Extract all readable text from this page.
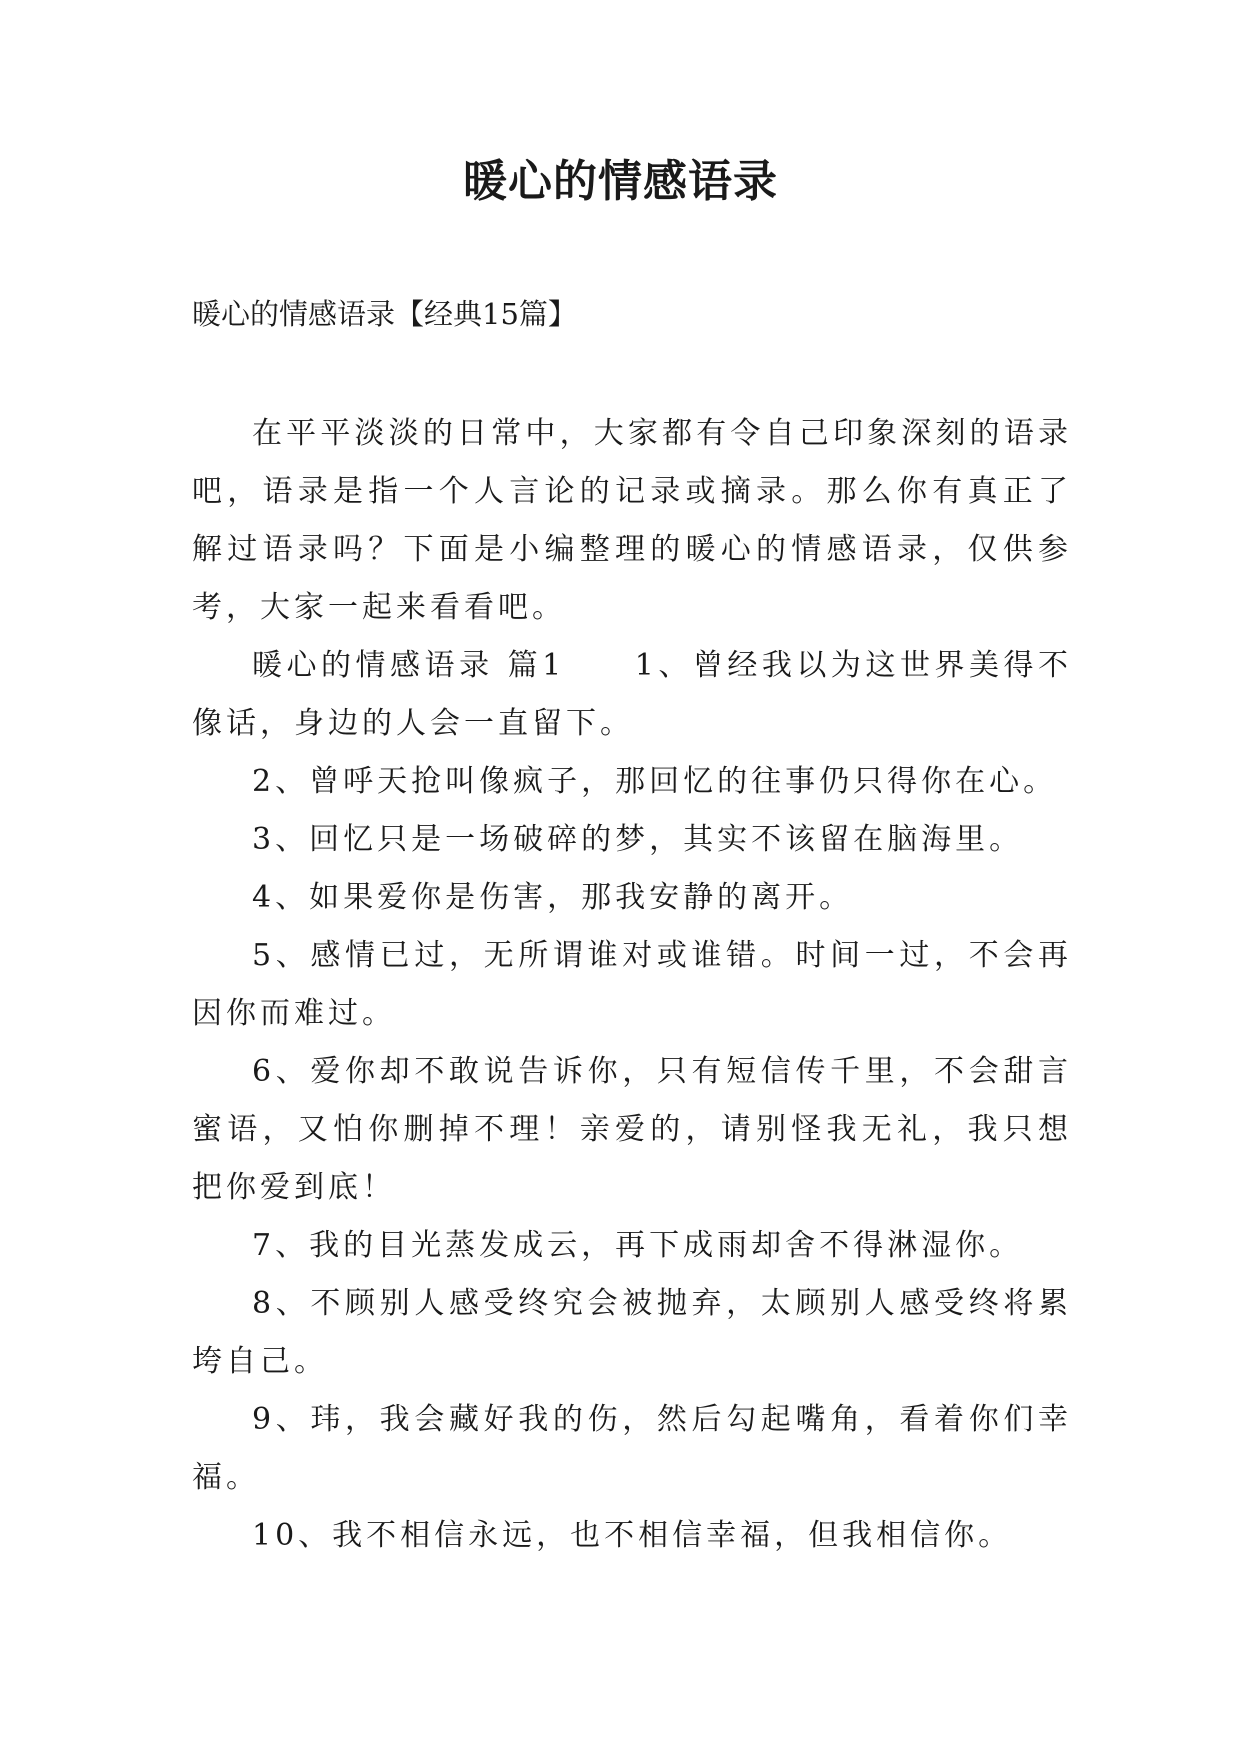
暖心的情感语录
暖心的情感语录【经典15篇】

在平平淡淡的日常中，大家都有令自己印象深刻的语录吧，语录是指一个人言论的记录或摘录。那么你有真正了解过语录吗？下面是小编整理的暖心的情感语录，仅供参考，大家一起来看看吧。

暖心的情感语录 篇1　　1、曾经我以为这世界美得不像话，身边的人会一直留下。

2、曾呼天抢叫像疯子，那回忆的往事仍只得你在心。

3、回忆只是一场破碎的梦，其实不该留在脑海里。

4、如果爱你是伤害，那我安静的离开。

5、感情已过，无所谓谁对或谁错。时间一过，不会再因你而难过。

6、爱你却不敢说告诉你，只有短信传千里，不会甜言蜜语，又怕你删掉不理！亲爱的，请别怪我无礼，我只想把你爱到底！

7、我的目光蒸发成云，再下成雨却舍不得淋湿你。

8、不顾别人感受终究会被抛弃，太顾别人感受终将累垮自己。

9、玮，我会藏好我的伤，然后勾起嘴角，看着你们幸福。

10、我不相信永远，也不相信幸福，但我相信你。
